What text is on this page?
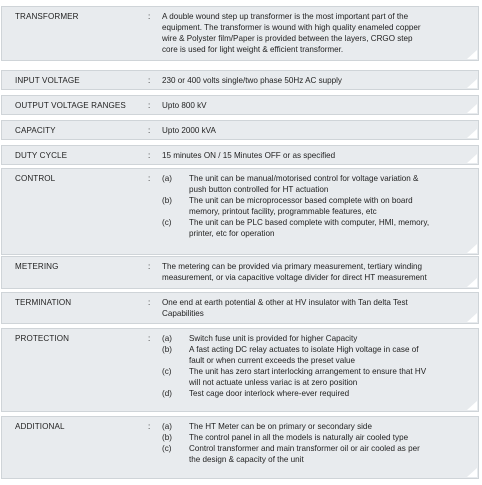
TRANSFORMER	: A double wound step up transformer is the most important part of the
equipment. The transformer is wound with high quality enameled copper
wire & Polyster film/Paper is provided between the layers, CRGO step
core is used for light weight & efficient transformer.
INPUT VOLTAGE	: 230 or 400 volts single/two phase 50Hz AC supply
OUTPUT VOLTAGE RANGES	: Upto 800 kV
CAPACITY	: Upto 2000 kVA
DUTY CYCLE	: 15 minutes ON / 15 Minutes OFF or as specified
CONTROL	: (a) The unit can be manual/motorised control for voltage variation &
push button controlled for HT actuation
(b) The unit can be microprocessor based complete with on board
memory, printout facility, programmable features, etc
(c) The unit can be PLC based complete with computer, HMI, memory,
printer, etc for operation
METERING	: The metering can be provided via primary measurement, tertiary winding
measurement, or via capacitive voltage divider for direct HT measurement
TERMINATION	: One end at earth potential & other at HV insulator with Tan delta Test
Capabilities
PROTECTION	: (a) Switch fuse unit is provided for higher Capacity
(b) A fast acting DC relay actuates to isolate High voltage in case of
fault or when current exceeds the preset value
(c) The unit has zero start interlocking arrangement to ensure that HV
will not actuate unless variac is at zero position
(d) Test cage door interlock where-ever required
ADDITIONAL	: (a) The HT Meter can be on primary or secondary side
(b) The control panel in all the models is naturally air cooled type
(c) Control transformer and main transformer oil or air cooled as per
the design & capacity of the unit
